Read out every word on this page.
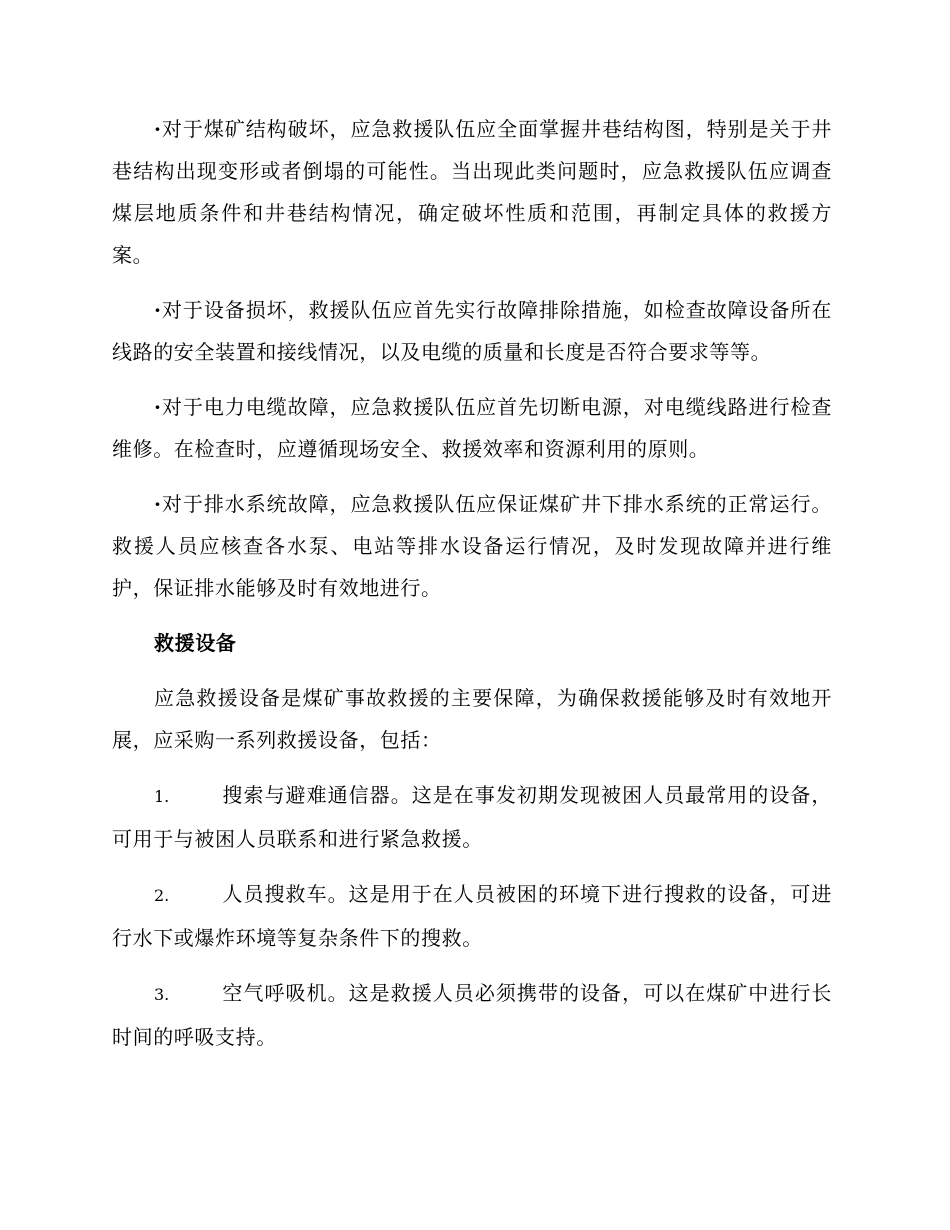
·对于煤矿结构破坏，应急救援队伍应全面掌握井巷结构图，特别是关于井巷结构出现变形或者倒塌的可能性。当出现此类问题时，应急救援队伍应调查煤层地质条件和井巷结构情况，确定破坏性质和范围，再制定具体的救援方案。

·对于设备损坏，救援队伍应首先实行故障排除措施，如检查故障设备所在线路的安全装置和接线情况，以及电缆的质量和长度是否符合要求等等。

·对于电力电缆故障，应急救援队伍应首先切断电源，对电缆线路进行检查维修。在检查时，应遵循现场安全、救援效率和资源利用的原则。

·对于排水系统故障，应急救援队伍应保证煤矿井下排水系统的正常运行。救援人员应核查各水泵、电站等排水设备运行情况，及时发现故障并进行维护，保证排水能够及时有效地进行。

救援设备

应急救援设备是煤矿事故救援的主要保障，为确保救援能够及时有效地开展，应采购一系列救援设备，包括：

1.	搜索与避难通信器。这是在事发初期发现被困人员最常用的设备，可用于与被困人员联系和进行紧急救援。

2.	人员搜救车。这是用于在人员被困的环境下进行搜救的设备，可进行水下或爆炸环境等复杂条件下的搜救。

3.	空气呼吸机。这是救援人员必须携带的设备，可以在煤矿中进行长时间的呼吸支持。
